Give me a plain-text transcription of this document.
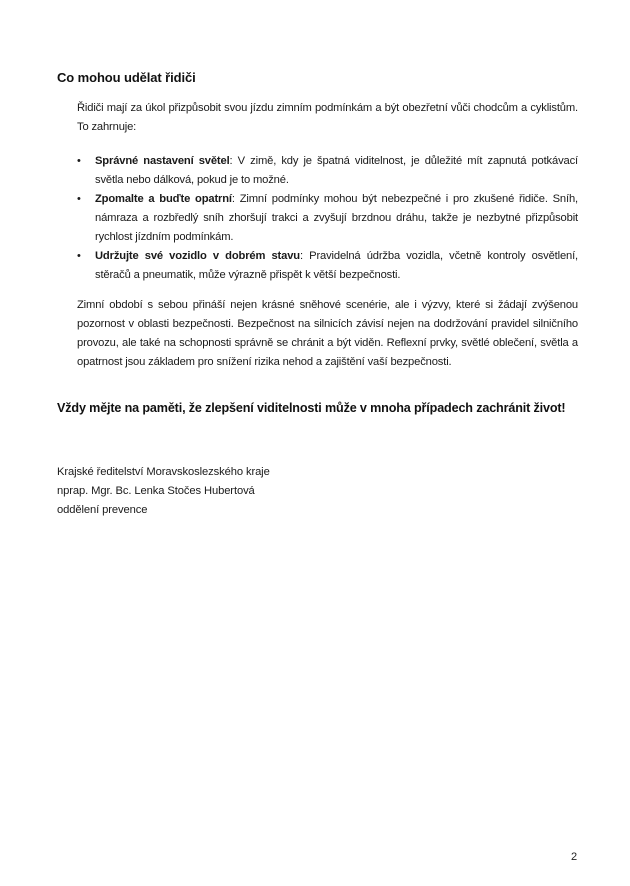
Co mohou udělat řidiči
Řidiči mají za úkol přizpůsobit svou jízdu zimním podmínkám a být obezřetní vůči chodcům a cyklistům. To zahrnuje:
• Správné nastavení světel: V zimě, kdy je špatná viditelnost, je důležité mít zapnutá potkávací světla nebo dálková, pokud je to možné.
• Zpomalte a buďte opatrní: Zimní podmínky mohou být nebezpečné i pro zkušené řidiče. Sníh, námraza a rozbředlý sníh zhoršují trakci a zvyšují brzdnou dráhu, takže je nezbytné přizpůsobit rychlost jízdním podmínkám.
• Udržujte své vozidlo v dobrém stavu: Pravidelná údržba vozidla, včetně kontroly osvětlení, stěračů a pneumatik, může výrazně přispět k větší bezpečnosti.
Zimní období s sebou přináší nejen krásné sněhové scenérie, ale i výzvy, které si žádají zvýšenou pozornost v oblasti bezpečnosti. Bezpečnost na silnicích závisí nejen na dodržování pravidel silničního provozu, ale také na schopnosti správně se chránit a být viděn. Reflexní prvky, světlé oblečení, světla a opatrnost jsou základem pro snížení rizika nehod a zajištění vaší bezpečnosti.
Vždy mějte na paměti, že zlepšení viditelnosti může v mnoha případech zachránit život!
Krajské ředitelství Moravskoslezského kraje
nprap. Mgr. Bc. Lenka Stočes Hubertová
oddělení prevence
2
